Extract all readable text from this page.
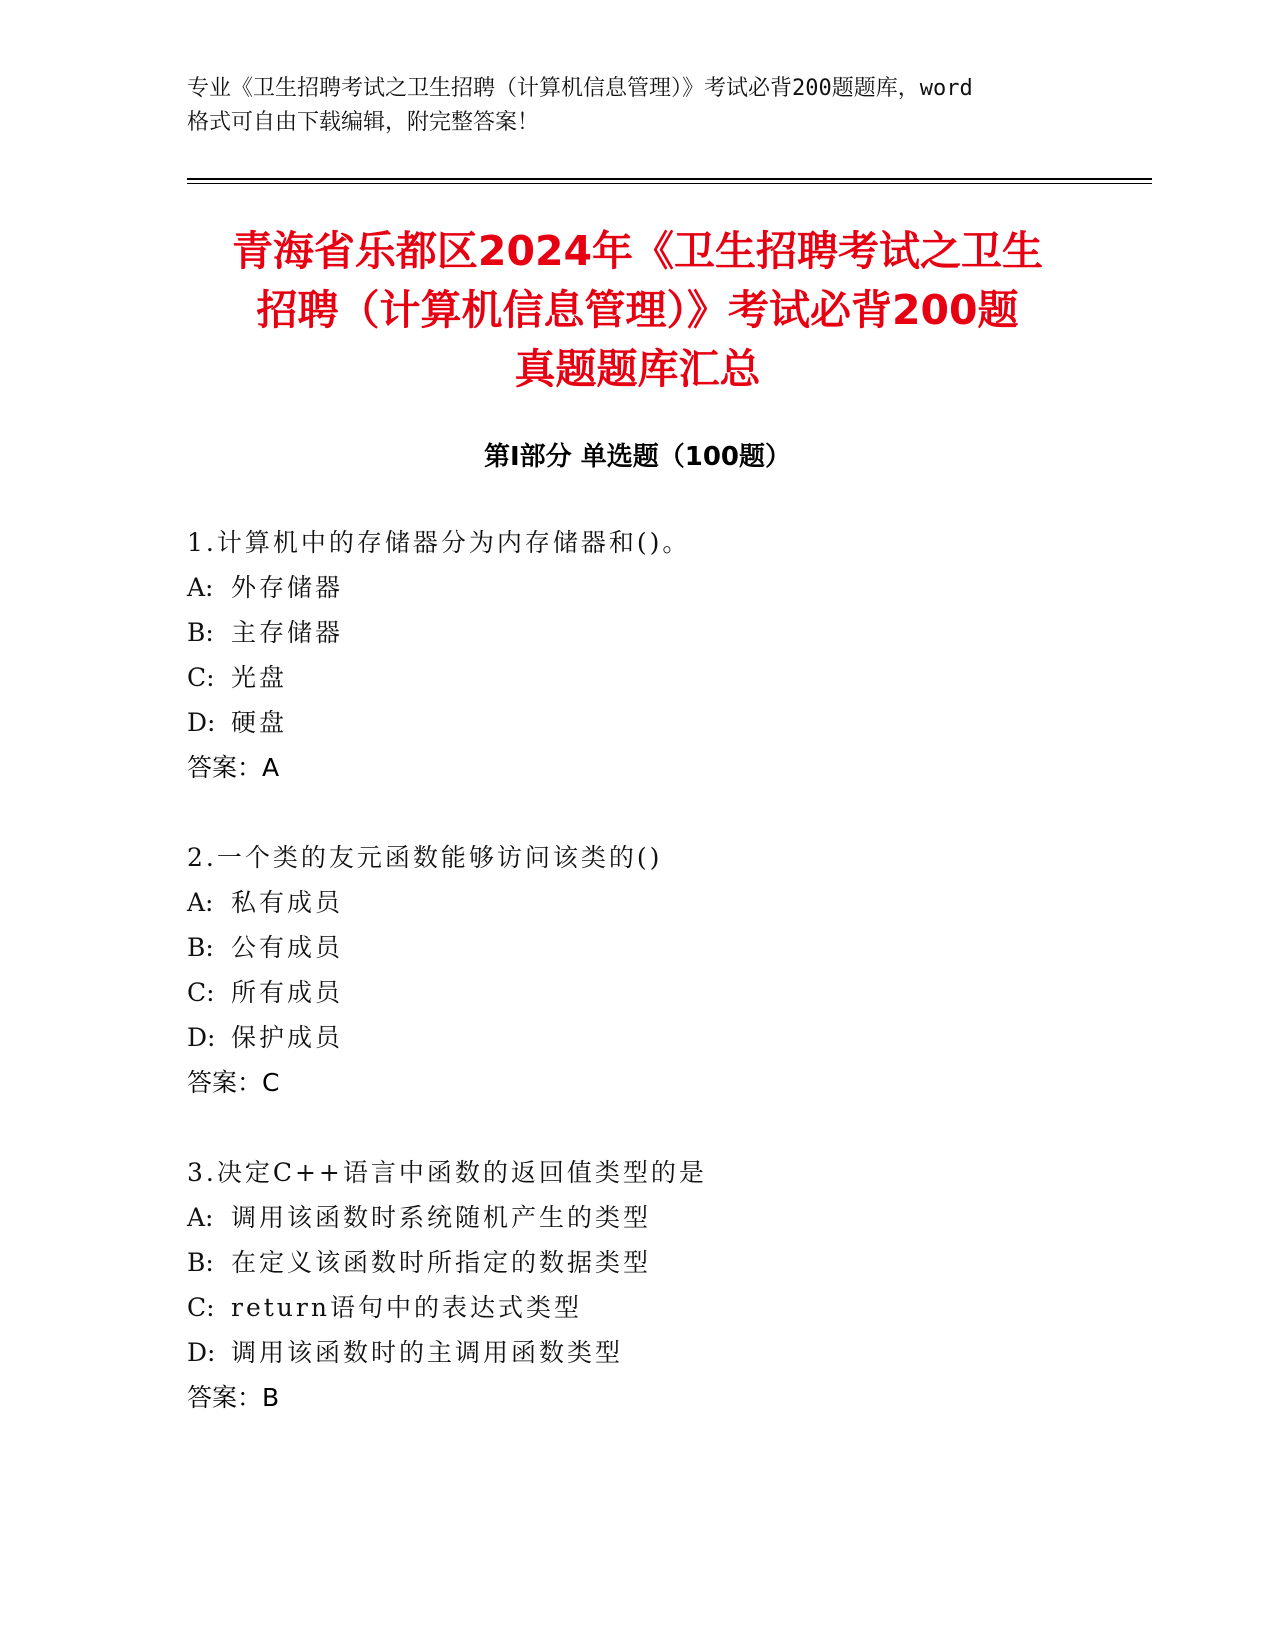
专业《卫生招聘考试之卫生招聘（计算机信息管理）》考试必背200题题库，word
格式可自由下载编辑，附完整答案！
青海省乐都区2024年《卫生招聘考试之卫生
招聘（计算机信息管理）》考试必背200题
真题题库汇总
第Ⅰ部分 单选题（100题）
1.计算机中的存储器分为内存储器和()。
A: 外存储器
B: 主存储器
C: 光盘
D: 硬盘
答案：A
2.一个类的友元函数能够访问该类的()
A: 私有成员
B: 公有成员
C: 所有成员
D: 保护成员
答案：C
3.决定C++语言中函数的返回值类型的是
A: 调用该函数时系统随机产生的类型
B: 在定义该函数时所指定的数据类型
C: return语句中的表达式类型
D: 调用该函数时的主调用函数类型
答案：B
